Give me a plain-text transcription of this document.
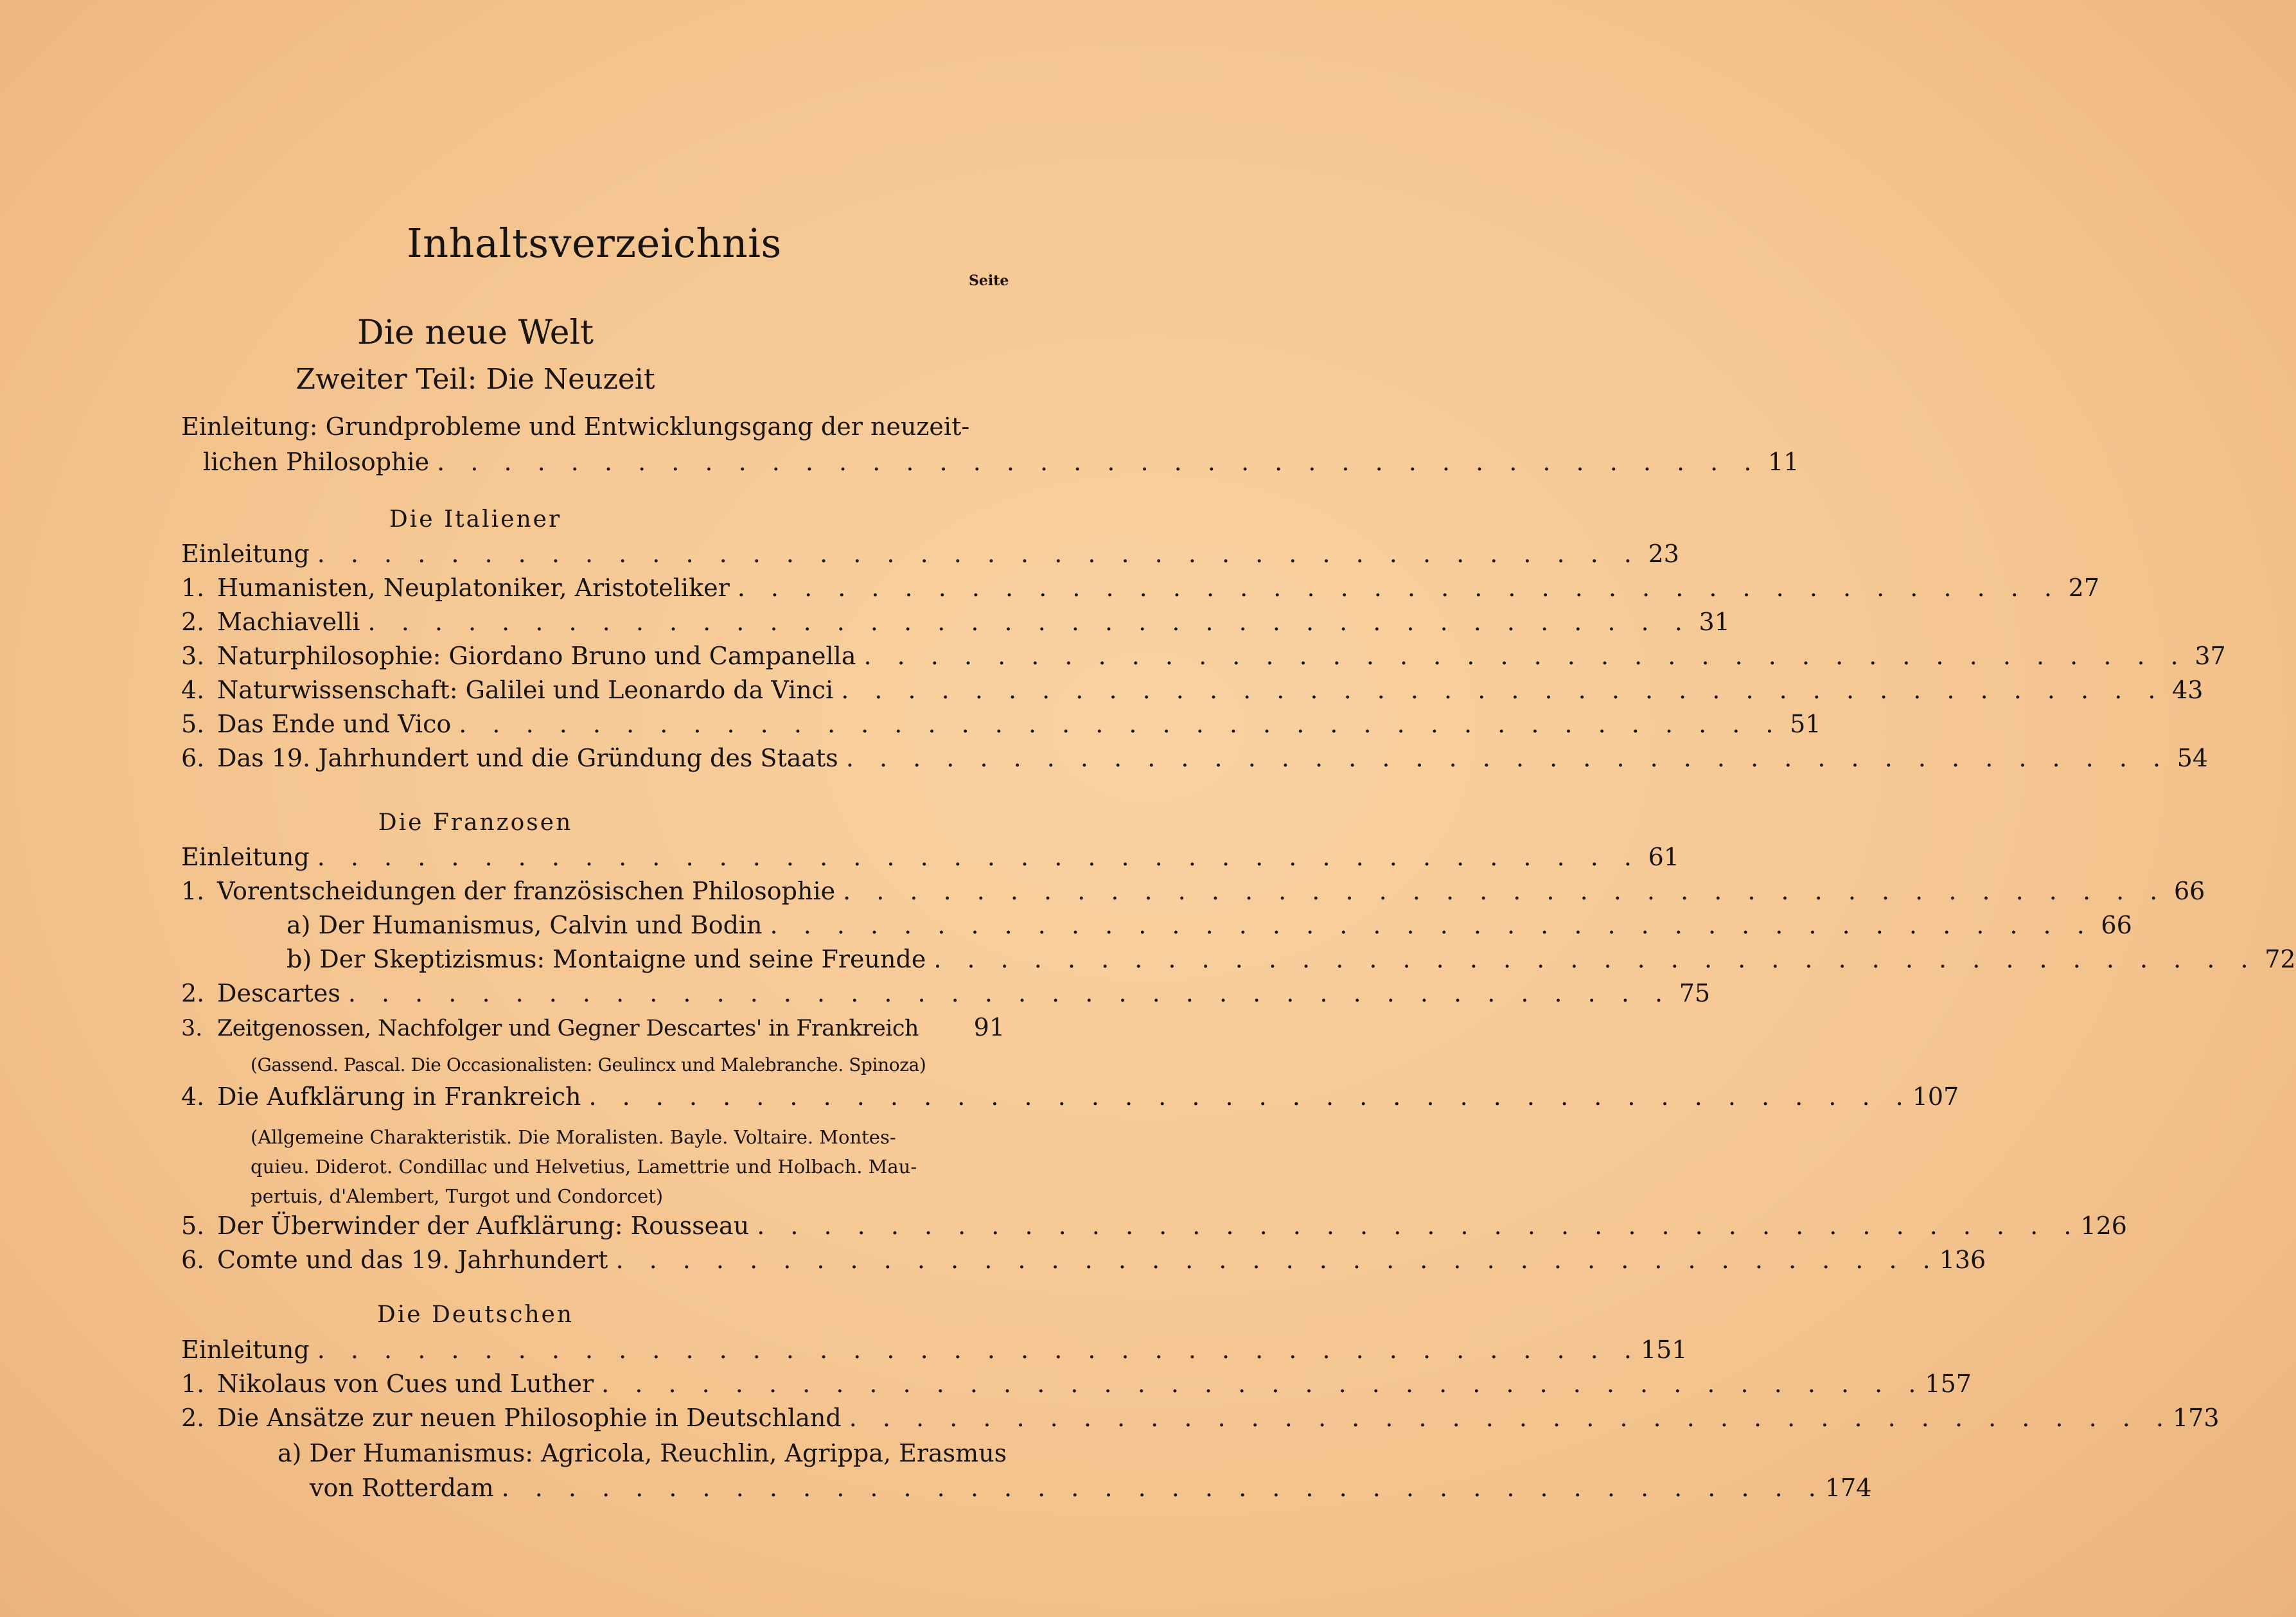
Inhaltsverzeichnis
Seite
Die neue Welt
Zweiter Teil: Die Neuzeit
Einleitung: Grundprobleme und Entwicklungsgang der neuzeit-
lichen Philosophie . . . . . . . . . . . . . . . . . . . . . . . . . . . . . . . . . . . . . . . . 11
Die Italiener
Einleitung . . . . . . . . . . . . . . . . . . . . . . . . . . . . . . . . . . . . . . . . 23
1. Humanisten, Neuplatoniker, Aristoteliker . . . . . . . . . . . . . . . . . . . . . . . . . . . . . . . . . . . . . . . . 27
2. Machiavelli . . . . . . . . . . . . . . . . . . . . . . . . . . . . . . . . . . . . . . . . 31
3. Naturphilosophie: Giordano Bruno und Campanella . . . . . . . . . . . . . . . . . . . . . . . . . . . . . . . . . . . . . . . . 37
4. Naturwissenschaft: Galilei und Leonardo da Vinci . . . . . . . . . . . . . . . . . . . . . . . . . . . . . . . . . . . . . . . . 43
5. Das Ende und Vico . . . . . . . . . . . . . . . . . . . . . . . . . . . . . . . . . . . . . . . . 51
6. Das 19. Jahrhundert und die Gründung des Staats . . . . . . . . . . . . . . . . . . . . . . . . . . . . . . . . . . . . . . . . 54
Die Franzosen
Einleitung . . . . . . . . . . . . . . . . . . . . . . . . . . . . . . . . . . . . . . . . 61
1. Vorentscheidungen der französischen Philosophie . . . . . . . . . . . . . . . . . . . . . . . . . . . . . . . . . . . . . . . . 66
a) Der Humanismus, Calvin und Bodin . . . . . . . . . . . . . . . . . . . . . . . . . . . . . . . . . . . . . . . . 66
b) Der Skeptizismus: Montaigne und seine Freunde . . . . . . . . . . . . . . . . . . . . . . . . . . . . . . . . . . . . . . . . 72
2. Descartes . . . . . . . . . . . . . . . . . . . . . . . . . . . . . . . . . . . . . . . . 75
3. Zeitgenossen, Nachfolger und Gegner Descartes' in Frankreich	91
(Gassend. Pascal. Die Occasionalisten: Geulincx und Malebranche. Spinoza)
4. Die Aufklärung in Frankreich . . . . . . . . . . . . . . . . . . . . . . . . . . . . . . . . . . . . . . . . 107
(Allgemeine Charakteristik. Die Moralisten. Bayle. Voltaire. Montes-
quieu. Diderot. Condillac und Helvetius, Lamettrie und Holbach. Mau-
pertuis, d'Alembert, Turgot und Condorcet)
5. Der Überwinder der Aufklärung: Rousseau . . . . . . . . . . . . . . . . . . . . . . . . . . . . . . . . . . . . . . . . 126
6. Comte und das 19. Jahrhundert . . . . . . . . . . . . . . . . . . . . . . . . . . . . . . . . . . . . . . . . 136
Die Deutschen
Einleitung . . . . . . . . . . . . . . . . . . . . . . . . . . . . . . . . . . . . . . . . 151
1. Nikolaus von Cues und Luther . . . . . . . . . . . . . . . . . . . . . . . . . . . . . . . . . . . . . . . . 157
2. Die Ansätze zur neuen Philosophie in Deutschland . . . . . . . . . . . . . . . . . . . . . . . . . . . . . . . . . . . . . . . . 173
a) Der Humanismus: Agricola, Reuchlin, Agrippa, Erasmus
von Rotterdam . . . . . . . . . . . . . . . . . . . . . . . . . . . . . . . . . . . . . . . . 174
